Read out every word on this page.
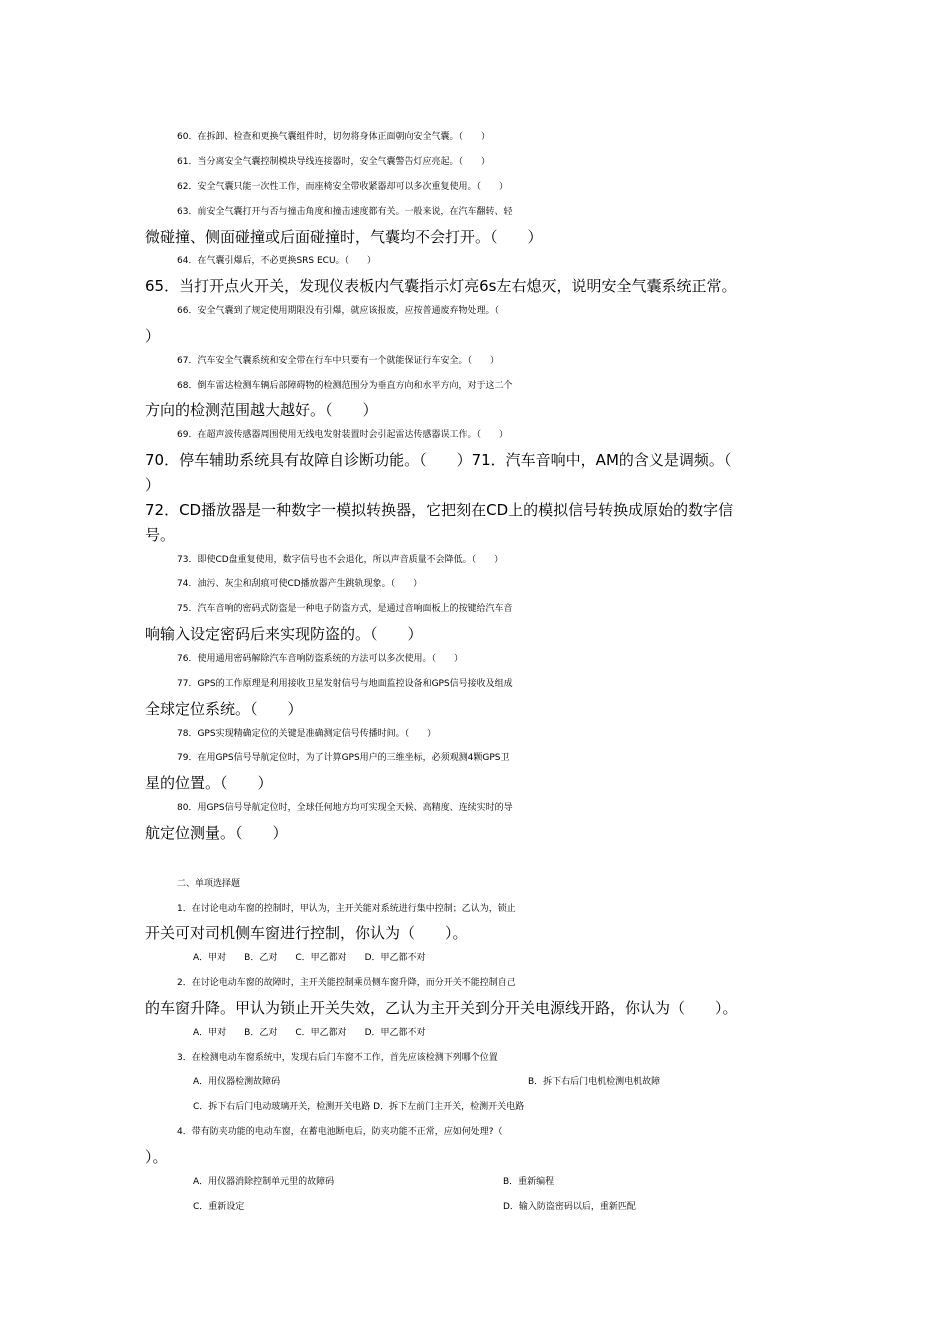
60．在拆卸、检查和更换气囊组件时，切勿将身体正面朝向安全气囊。（　　）
61．当分离安全气囊控制模块导线连接器时，安全气囊警告灯应亮起。（　　）
62．安全气囊只能一次性工作，而座椅安全带收紧器却可以多次重复使用。（　　）
63．前安全气囊打开与否与撞击角度和撞击速度都有关。一般来说，在汽车翻转、轻
微碰撞、侧面碰撞或后面碰撞时，气囊均不会打开。（　　）
64．在气囊引爆后，不必更换SRS ECU。（　　）
65．当打开点火开关，发现仪表板内气囊指示灯亮6s左右熄灭，说明安全气囊系统正常。
66．安全气囊到了规定使用期限没有引爆，就应该报废，应按普通废弃物处理。（
）
67．汽车安全气囊系统和安全带在行车中只要有一个就能保证行车安全。（　　）
68．倒车雷达检测车辆后部障碍物的检测范围分为垂直方向和水平方向，对于这二个
方向的检测范围越大越好。（　　）
69．在超声波传感器周围使用无线电发射装置时会引起雷达传感器误工作。（　　）
70．停车辅助系统具有故障自诊断功能。（　　）71．汽车音响中，AM的含义是调频。（
）
72．CD播放器是一种数字一模拟转换器，它把刻在CD上的模拟信号转换成原始的数字信
号。
73．即使CD盘重复使用，数字信号也不会退化，所以声音质量不会降低。（　　）
74．油污、灰尘和刮痕可使CD播放器产生跳轨现象。（　　）
75．汽车音响的密码式防盗是一种电子防盗方式，是通过音响面板上的按键给汽车音
响输入设定密码后来实现防盗的。（　　）
76．使用通用密码解除汽车音响防盗系统的方法可以多次使用。（　　）
77．GPS的工作原理是利用接收卫星发射信号与地面监控设备和GPS信号接收及组成
全球定位系统。（　　）
78．GPS实现精确定位的关键是准确测定信号传播时间。（　　）
79．在用GPS信号导航定位时，为了计算GPS用户的三维坐标，必须观测4颗GPS卫
星的位置。（　　）
80．用GPS信号导航定位时，全球任何地方均可实现全天候、高精度、连续实时的导
航定位测量。（　　）
二、单项选择题
1．在讨论电动车窗的控制时，甲认为，主开关能对系统进行集中控制；乙认为，锁止
开关可对司机侧车窗进行控制，你认为（　　）。
A．甲对　　B．乙对　　C．甲乙都对　　D．甲乙都不对
2．在讨论电动车窗的故障时，主开关能控制乘员侧车窗升降，而分开关不能控制自己
的车窗升降。甲认为锁止开关失效，乙认为主开关到分开关电源线开路，你认为（　　）。
A．甲对　　B．乙对　　C．甲乙都对　　D．甲乙都不对
3．在检测电动车窗系统中，发现右后门车窗不工作，首先应该检测下列哪个位置
A．用仪器检测故障码	B．拆下右后门电机检测电机故障
C．拆下右后门电动玻璃开关，检测开关电路 D．拆下左前门主开关，检测开关电路
4．带有防夹功能的电动车窗，在蓄电池断电后，防夹功能不正常，应如何处理?（
）。
A．用仪器消除控制单元里的故障码	B．重新编程
C．重新设定	D．输入防盗密码以后，重新匹配
